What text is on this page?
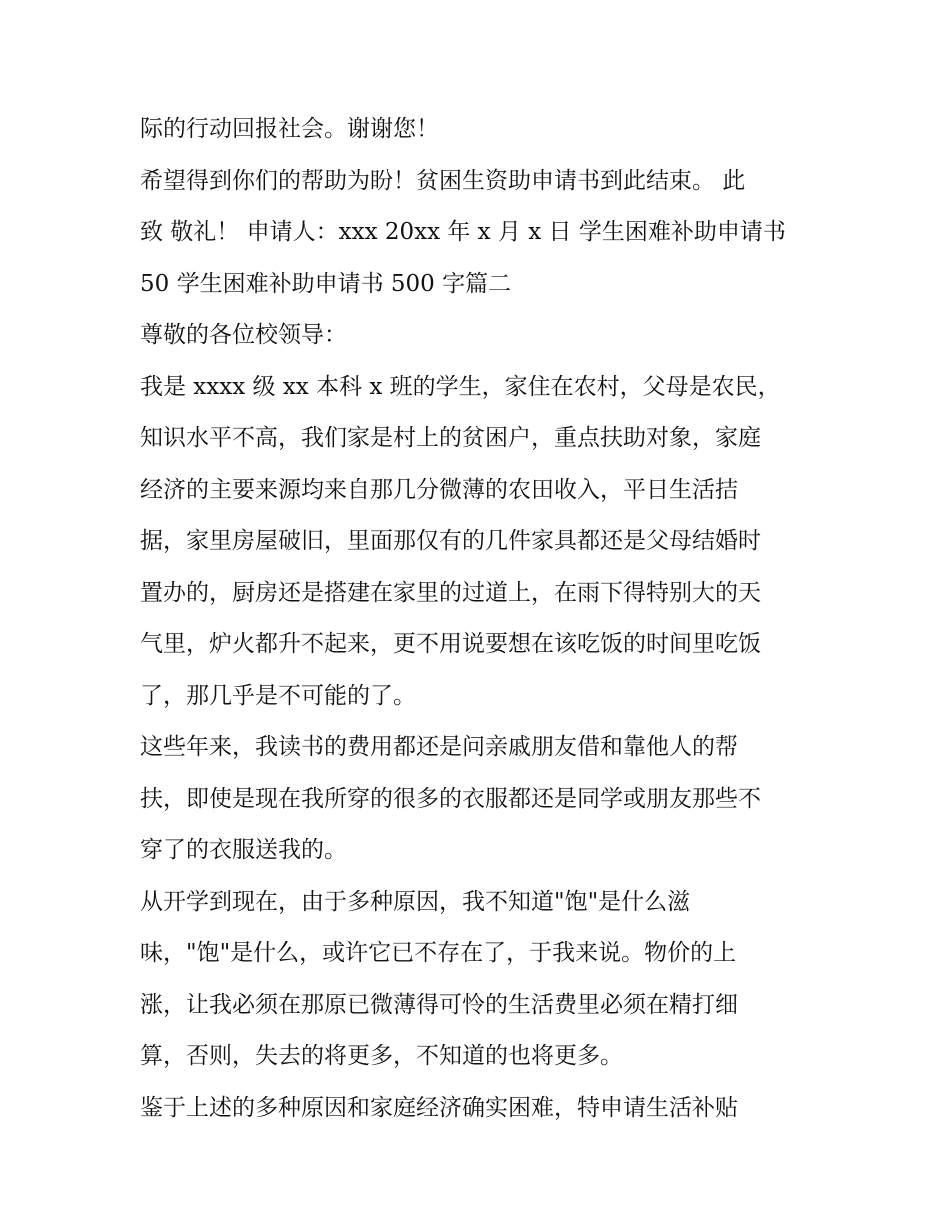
际的行动回报社会。谢谢您！
希望得到你们的帮助为盼！贫困生资助申请书到此结束。 此
致 敬礼！ 申请人：xxx 20xx 年 x 月 x 日 学生困难补助申请书
50 学生困难补助申请书 500 字篇二
尊敬的各位校领导：
我是 xxxx 级 xx 本科 x 班的学生，家住在农村，父母是农民，
知识水平不高，我们家是村上的贫困户，重点扶助对象，家庭
经济的主要来源均来自那几分微薄的农田收入，平日生活拮
据，家里房屋破旧，里面那仅有的几件家具都还是父母结婚时
置办的，厨房还是搭建在家里的过道上，在雨下得特别大的天
气里，炉火都升不起来，更不用说要想在该吃饭的时间里吃饭
了，那几乎是不可能的了。
这些年来，我读书的费用都还是问亲戚朋友借和靠他人的帮
扶，即使是现在我所穿的很多的衣服都还是同学或朋友那些不
穿了的衣服送我的。
从开学到现在，由于多种原因，我不知道"饱"是什么滋
味，"饱"是什么，或许它已不存在了，于我来说。物价的上
涨，让我必须在那原已微薄得可怜的生活费里必须在精打细
算，否则，失去的将更多，不知道的也将更多。
鉴于上述的多种原因和家庭经济确实困难，特申请生活补贴
